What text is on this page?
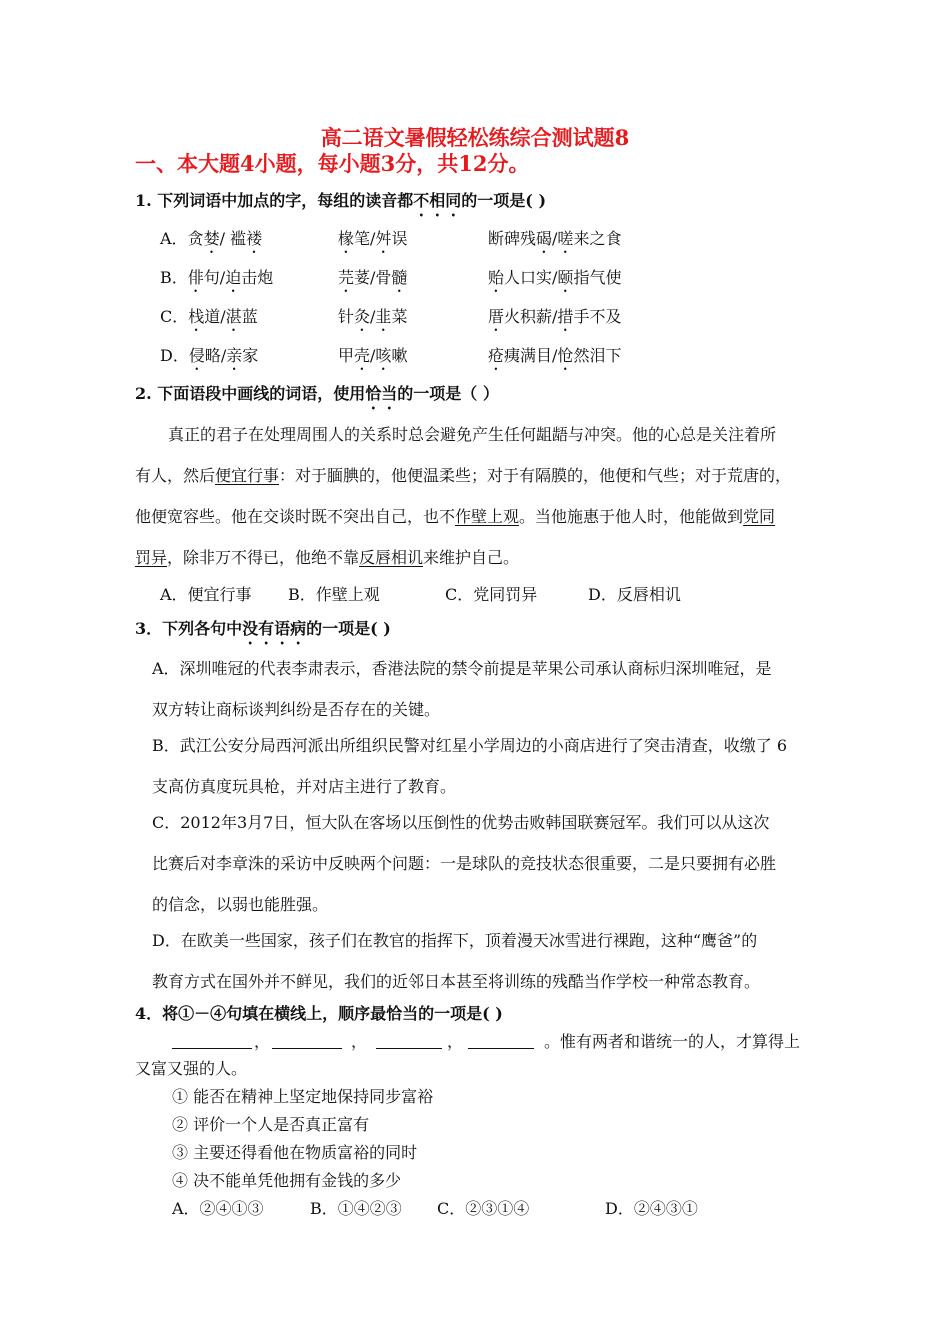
高二语文暑假轻松练综合测试题8
一、本大题4小题，每小题3分，共12分。
1. 下列词语中加点的字，每组的读音都不相同的一项是( )
A．贪婪/ 褴褛	椽笔/舛误	断碑残碣/嗟来之食
B．俳句/迫击炮	芫荽/骨髓	贻人口实/颐指气使
C．栈道/湛蓝	针灸/韭菜	厝火积薪/措手不及
D．侵略/亲家	甲壳/咳嗽	疮痍满目/怆然泪下
2. 下面语段中画线的词语，使用恰当的一项是（ ）
真正的君子在处理周围人的关系时总会避免产生任何龃龉与冲突。他的心总是关注着所
有人，然后便宜行事：对于腼腆的，他便温柔些；对于有隔膜的，他便和气些；对于荒唐的，
他便宽容些。他在交谈时既不突出自己，也不作壁上观。当他施惠于他人时，他能做到党同
罚异，除非万不得已，他绝不靠反唇相讥来维护自己。
A．便宜行事 B．作壁上观	C．党同罚异	D．反唇相讥
3．下列各句中没有语病的一项是( )
A．深圳唯冠的代表李肃表示，香港法院的禁令前提是苹果公司承认商标归深圳唯冠，是
双方转让商标谈判纠纷是否存在的关键。
B．武江公安分局西河派出所组织民警对红星小学周边的小商店进行了突击清查，收缴了 6
支高仿真度玩具枪，并对店主进行了教育。
C．2012年3月7日，恒大队在客场以压倒性的优势击败韩国联赛冠军。我们可以从这次
比赛后对李章洙的采访中反映两个问题：一是球队的竞技状态很重要，二是只要拥有必胜
的信念，以弱也能胜强。
D．在欧美一些国家，孩子们在教官的指挥下，顶着漫天冰雪进行裸跑，这种“鹰爸”的
教育方式在国外并不鲜见，我们的近邻日本甚至将训练的残酷当作学校一种常态教育。
4．将①－④句填在横线上，顺序最恰当的一项是( )
，	，	，	。惟有两者和谐统一的人，才算得上
又富又强的人。
① 能否在精神上坚定地保持同步富裕
② 评价一个人是否真正富有
③ 主要还得看他在物质富裕的同时
④ 决不能单凭他拥有金钱的多少
A．②④①③	B．①④②③ C．②③①④	D．②④③①
